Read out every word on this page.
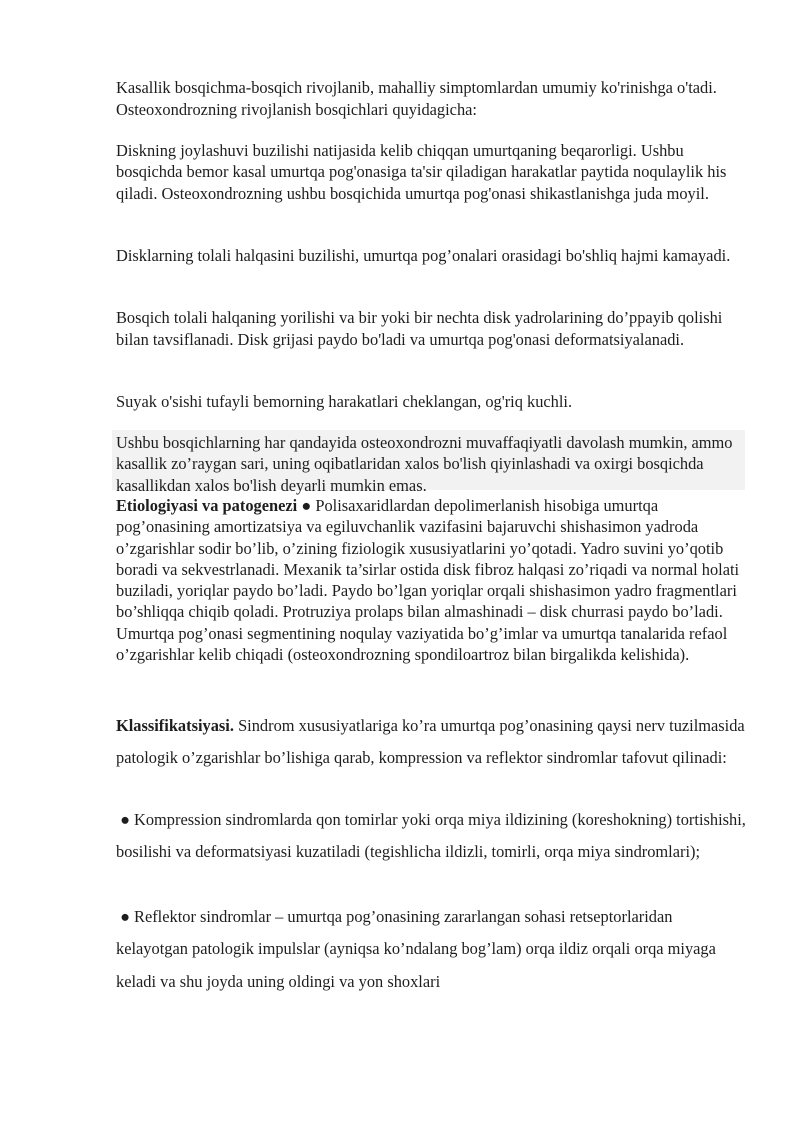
Kasallik bosqichma-bosqich rivojlanib, mahalliy simptomlardan umumiy ko'rinishga o'tadi. Osteoxondrozning rivojlanish bosqichlari quyidagicha:

Diskning joylashuvi buzilishi natijasida kelib chiqqan umurtqaning beqarorligi. Ushbu bosqichda bemor kasal umurtqa pog'onasiga ta'sir qiladigan harakatlar paytida noqulaylik his qiladi. Osteoxondrozning ushbu bosqichida umurtqa pog'onasi shikastlanishga juda moyil.

Disklarning tolali halqasini buzilishi, umurtqa pog’onalari orasidagi bo'shliq hajmi kamayadi.

Bosqich tolali halqaning yorilishi va bir yoki bir nechta disk yadrolarining do’ppayib qolishi bilan tavsiflanadi. Disk grijasi paydo bo'ladi va umurtqa pog'onasi deformatsiyalanadi.

Suyak o'sishi tufayli bemorning harakatlari cheklangan, og'riq kuchli.

Ushbu bosqichlarning har qandayida osteoxondrozni muvaffaqiyatli davolash mumkin, ammo kasallik zo’raygan sari, uning oqibatlaridan xalos bo'lish qiyinlashadi va oxirgi bosqichda kasallikdan xalos bo'lish deyarli mumkin emas.

Etiologiyasi va patogenezi ● Polisaxaridlardan depolimerlanish hisobiga umurtqa pog’onasining amortizatsiya va egiluvchanlik vazifasini bajaruvchi shishasimon yadroda o’zgarishlar sodir bo’lib, o’zining fiziologik xususiyatlarini yo’qotadi. Yadro suvini yo’qotib boradi va sekvestrlanadi. Mexanik ta’sirlar ostida disk fibroz halqasi zo’riqadi va normal holati buziladi, yoriqlar paydo bo’ladi. Paydo bo’lgan yoriqlar orqali shishasimon yadro fragmentlari bo’shliqqa chiqib qoladi. Protruziya prolaps bilan almashinadi – disk churrasi paydo bo’ladi. Umurtqa pog’onasi segmentining noqulay vaziyatida bo’g’imlar va umurtqa tanalarida refaol o’zgarishlar kelib chiqadi (osteoxondrozning spondiloartroz bilan birgalikda kelishida).

Klassifikatsiyasi. Sindrom xususiyatlariga ko’ra umurtqa pog’onasining qaysi nerv tuzilmasida patologik o’zgarishlar bo’lishiga qarab, kompression va reflektor sindromlar tafovut qilinadi:

● Kompression sindromlarda qon tomirlar yoki orqa miya ildizining (koreshokning) tortishishi, bosilishi va deformatsiyasi kuzatiladi (tegishlicha ildizli, tomirli, orqa miya sindromlari);

● Reflektor sindromlar – umurtqa pog’onasining zararlangan sohasi retseptorlaridan kelayotgan patologik impulslar (ayniqsa ko’ndalang bog’lam) orqa ildiz orqali orqa miyaga keladi va shu joyda uning oldingi va yon shoxlari
